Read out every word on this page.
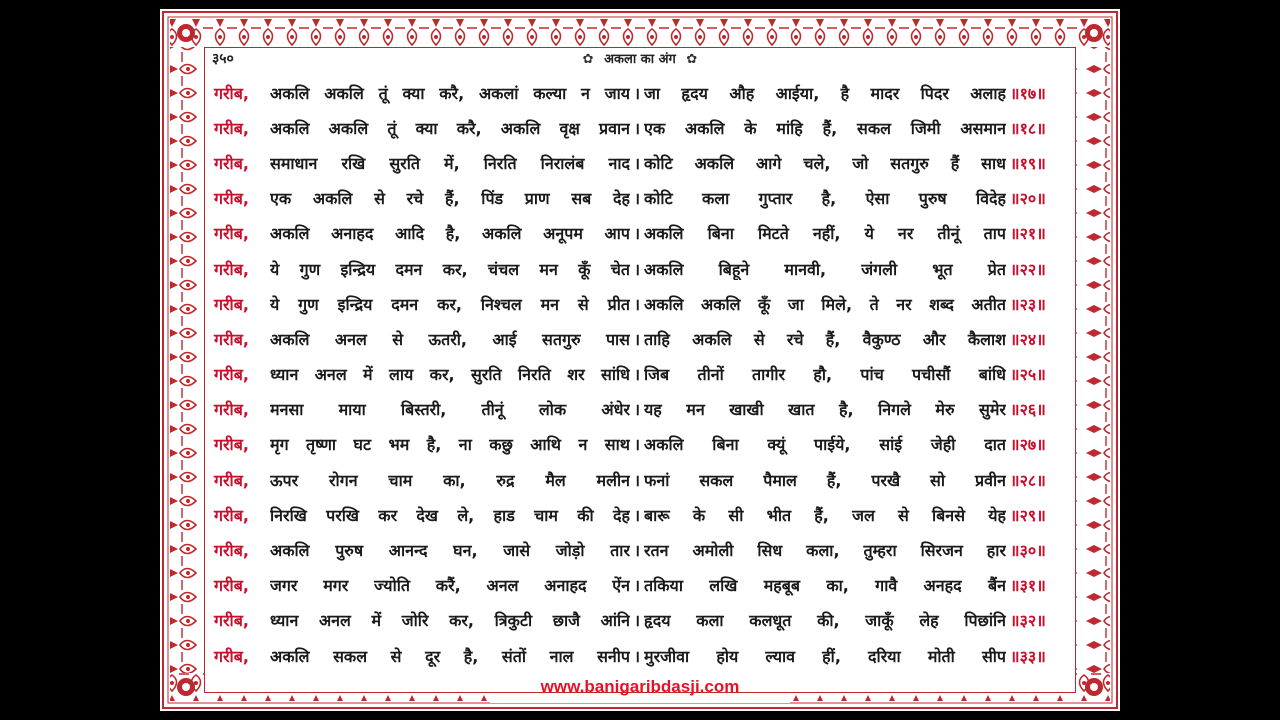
३५०	✿ अकला का अंग ✿
गरीब,	अकलि अकलि तूं क्या करै, अकलां कल्या न जाय । जा हृदय औह आईया, है मादर पिदर अलाह ॥१७॥
गरीब,	अकलि अकलि तूं क्या करै, अकलि वृक्ष प्रवान । एक अकलि के मांहि हैं, सकल जिमी असमान ॥१८॥
गरीब,	समाधान रखि सुरति में, निरति निरालंब नाद । कोटि अकलि आगे चले, जो सतगुरु हैं साध ॥१९॥
गरीब,	एक अकलि से रचे हैं, पिंड प्राण सब देह । कोटि कला गुप्तार है, ऐसा पुरुष विदेह ॥२०॥
गरीब,	अकलि अनाहद आदि है, अकलि अनूपम आप । अकलि बिना मिटते नहीं, ये नर तीनूं ताप ॥२१॥
गरीब,	ये गुण इन्द्रिय दमन कर, चंचल मन कूँ चेत । अकलि बिहूने मानवी, जंगली भूत प्रेत ॥२२॥
गरीब,	ये गुण इन्द्रिय दमन कर, निश्चल मन से प्रीत । अकलि अकलि कूँ जा मिले, ते नर शब्द अतीत ॥२३॥
गरीब,	अकलि अनल से ऊतरी, आई सतगुरु पास । ताहि अकलि से रचे हैं, वैकुण्ठ और कैलाश ॥२४॥
गरीब,	ध्यान अनल में लाय कर, सुरति निरति शर सांधि । जिब तीनों तागीर हौ, पांच पचीसौं बांधि ॥२५॥
गरीब,	मनसा माया बिस्तरी, तीनूं लोक अंधेर । यह मन खाखी खात है, निगले मेरु सुमेर ॥२६॥
गरीब,	मृग तृष्णा घट भम है, ना कछु आथि न साथ । अकलि बिना क्यूं पाईये, सांई जेही दात ॥२७॥
गरीब,	ऊपर रोगन चाम का, रुद्र मैल मलीन । फनां सकल पैमाल हैं, परखै सो प्रवीन ॥२८॥
गरीब,	निरखि परखि कर देख ले, हाड चाम की देह । बारू के सी भीत हैं, जल से बिनसे येह ॥२९॥
गरीब,	अकलि पुरुष आनन्द घन, जासे जोड़ो तार । रतन अमोली सिध कला, तुम्हरा सिरजन हार ॥३०॥
गरीब,	जगर मगर ज्योति करैं, अनल अनाहद ऐंन । तकिया लखि महबूब का, गावै अनहद बैंन ॥३१॥
गरीब,	ध्यान अनल में जोरि कर, त्रिकुटी छाजै आंनि । हृदय कला कलधूत की, जाकूँ लेह पिछांनि ॥३२॥
गरीब,	अकलि सकल से दूर है, संतों नाल सनीप । मुरजीवा होय ल्याव हीं, दरिया मोती सीप ॥३३॥
www.banigaribdasji.com
